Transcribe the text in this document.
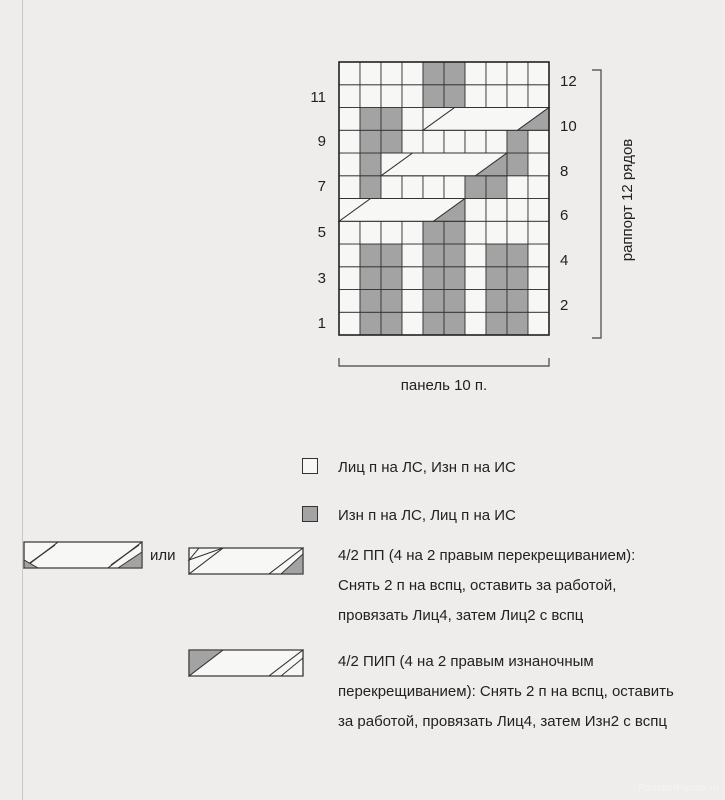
раппорт 12 рядов
панель 10 п.
11
9
7
5
3
1
12
10
8
6
4
2
Лиц п на ЛС, Изн п на ИС
Изн п на ЛС, Лиц п на ИС
или	4/2 ПП (4 на 2 правым перекрещиванием):
Снять 2 п на вспц, оставить за работой,
провязать Лиц4, затем Лиц2 с вспц
4/2 ПИП (4 на 2 правым изнаночным
перекрещиванием): Снять 2 п на вспц, оставить
за работой, провязать Лиц4, затем Изн2 с вспц
PassionForum.ru
